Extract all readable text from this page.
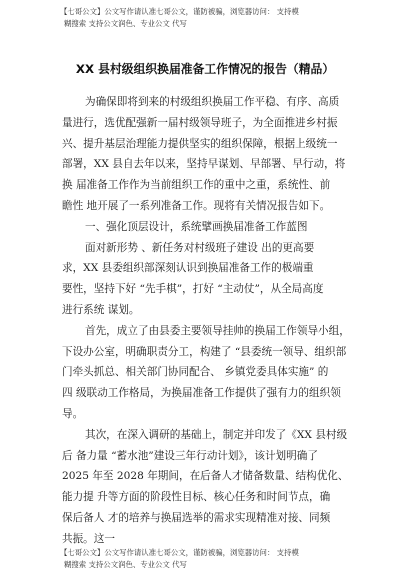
【七哥公文】公文写作请认准七哥公文，谨防被骗，浏览器访问： 支持模
糊搜索 支持公文润色、专业公文 代写
XX 县村级组织换届准备工作情况的报告（精品）
为确保即将到来的村级组织换届工作平稳、有序、高质
量进行，选优配强新一届村级领导班子，为全面推进乡村振
兴、提升基层治理能力提供坚实的组织保障，根据上级统一
部署，XX 县自去年以来，坚持早谋划、早部署、早行动，将
换 届准备工作作为当前组织工作的重中之重，系统性、前
瞻性 地开展了一系列准备工作。现将有关情况报告如下。
一、强化顶层设计，系统擘画换届准备工作蓝图
面对新形势 、新任务对村级班子建设 出的更高要
求，XX 县委组织部深刻认识到换届准备工作的极端重
要性，坚持下好 “先手棋”，打好 “主动仗”，从全局高度
进行系统 谋划。
首先，成立了由县委主要领导挂帅的换届工作领导小组，
下设办公室，明确职责分工，构建了 “县委统一领导、组织部
门牵头抓总、相关部门协同配合、 乡镇党委具体实施” 的
四 级联动工作格局，为换届准备工作提供了强有力的组织领
导。
其次，在深入调研的基础上，制定并印发了《XX 县村级
后 备力量 “蓄水池”建设三年行动计划》，该计划明确了
2025 年至 2028 年期间，在后备人才储备数量、结构优化、
能力提 升等方面的阶段性目标、核心任务和时间节点，确
保后备人 才的培养与换届选举的需求实现精准对接、同频
共振。这一
【七哥公文】公文写作请认准七哥公文，谨防被骗，浏览器访问： 支持模
糊搜索 支持公文润色、专业公文 代写
